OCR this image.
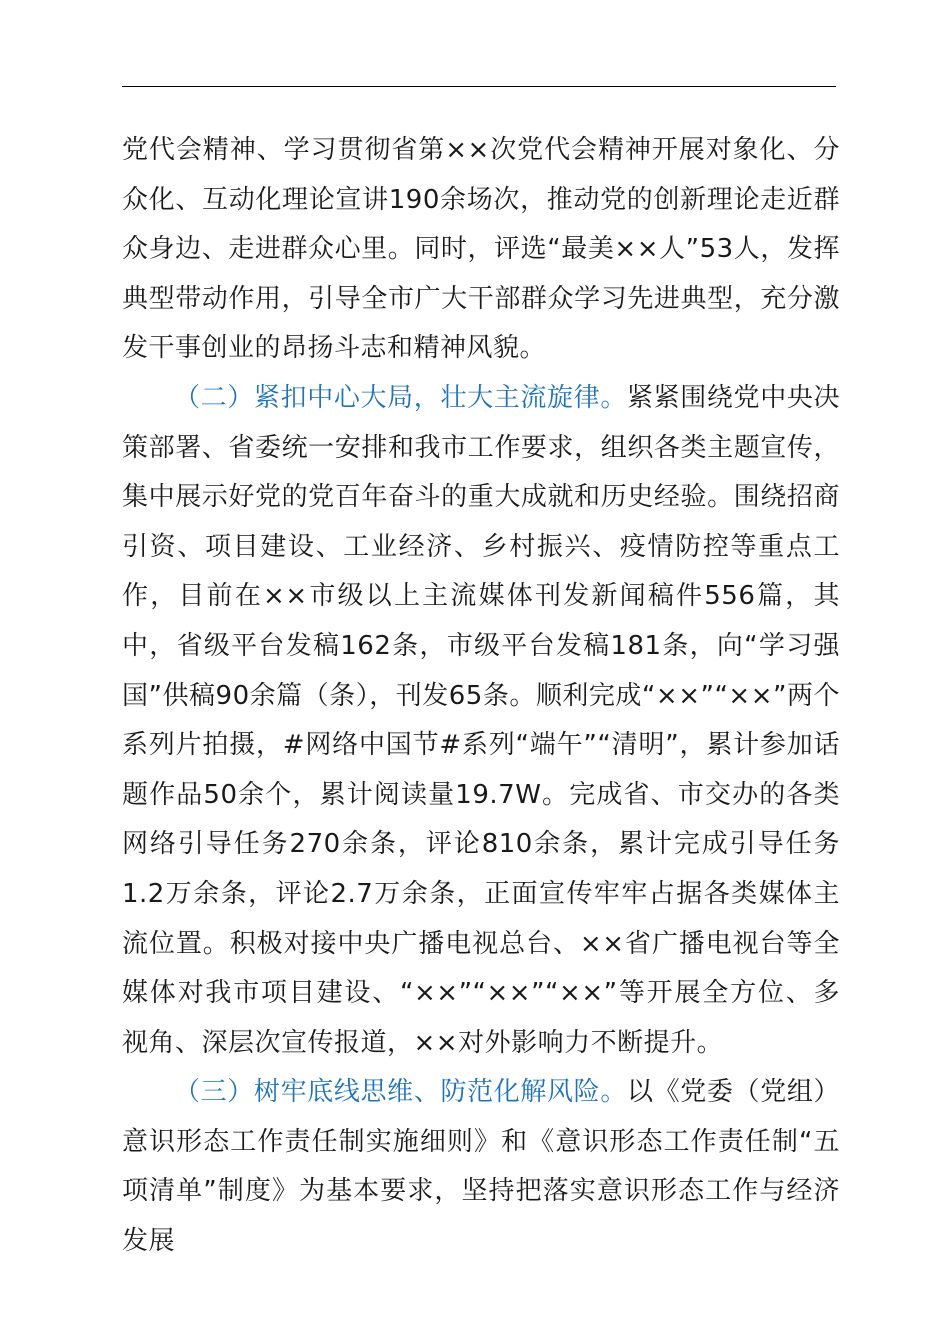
党代会精神、学习贯彻省第××次党代会精神开展对象化、分众化、互动化理论宣讲190余场次，推动党的创新理论走近群众身边、走进群众心里。同时，评选“最美××人”53人，发挥典型带动作用，引导全市广大干部群众学习先进典型，充分激发干事创业的昂扬斗志和精神风貌。

（二）紧扣中心大局，壮大主流旋律。紧紧围绕党中央决策部署、省委统一安排和我市工作要求，组织各类主题宣传，集中展示好党的党百年奋斗的重大成就和历史经验。围绕招商引资、项目建设、工业经济、乡村振兴、疫情防控等重点工作，目前在××市级以上主流媒体刊发新闻稿件556篇，其中，省级平台发稿162条，市级平台发稿181条，向“学习强国”供稿90余篇（条），刊发65条。顺利完成“××”“××”两个系列片拍摄，#网络中国节#系列“端午”“清明”，累计参加话题作品50余个，累计阅读量19.7W。完成省、市交办的各类网络引导任务270余条，评论810余条，累计完成引导任务1.2万余条，评论2.7万余条，正面宣传牢牢占据各类媒体主流位置。积极对接中央广播电视总台、××省广播电视台等全媒体对我市项目建设、“××”“××”“××”等开展全方位、多视角、深层次宣传报道，××对外影响力不断提升。

（三）树牢底线思维、防范化解风险。以《党委（党组）意识形态工作责任制实施细则》和《意识形态工作责任制“五项清单”制度》为基本要求，坚持把落实意识形态工作与经济发展
